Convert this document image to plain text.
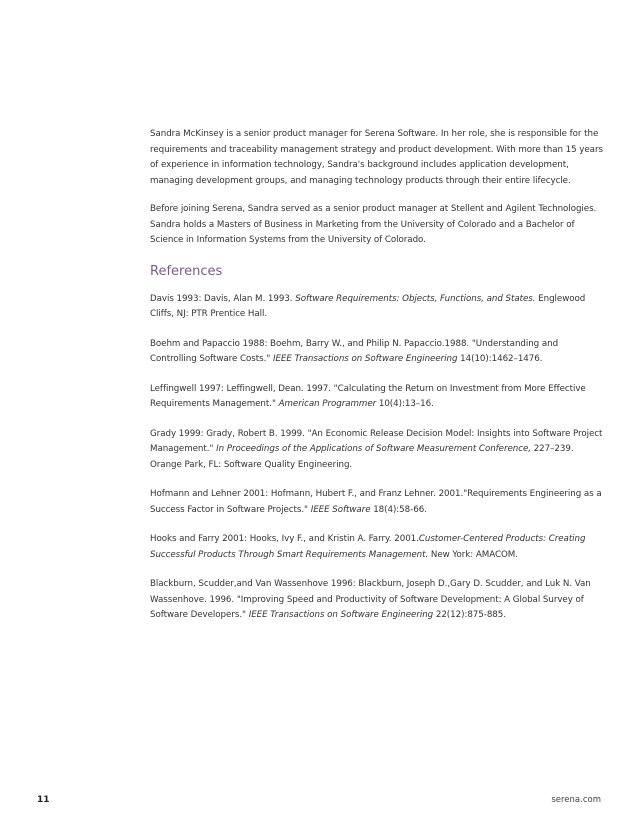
Sandra McKinsey is a senior product manager for Serena Software. In her role, she is responsible for the requirements and traceability management strategy and product development. With more than 15 years of experience in information technology, Sandra's background includes application development, managing development groups, and managing technology products through their entire lifecycle.

Before joining Serena, Sandra served as a senior product manager at Stellent and Agilent Technologies. Sandra holds a Masters of Business in Marketing from the University of Colorado and a Bachelor of Science in Information Systems from the University of Colorado.

References
Davis 1993: Davis, Alan M. 1993. Software Requirements: Objects, Functions, and States. Englewood Cliffs, NJ: PTR Prentice Hall.
Boehm and Papaccio 1988: Boehm, Barry W., and Philip N. Papaccio.1988. "Understanding and Controlling Software Costs." IEEE Transactions on Software Engineering 14(10):1462–1476.
Leffingwell 1997: Leffingwell, Dean. 1997. "Calculating the Return on Investment from More Effective Requirements Management." American Programmer 10(4):13–16.
Grady 1999: Grady, Robert B. 1999. "An Economic Release Decision Model: Insights into Software Project Management." In Proceedings of the Applications of Software Measurement Conference, 227–239. Orange Park, FL: Software Quality Engineering.
Hofmann and Lehner 2001: Hofmann, Hubert F., and Franz Lehner. 2001."Requirements Engineering as a Success Factor in Software Projects." IEEE Software 18(4):58-66.
Hooks and Farry 2001: Hooks, Ivy F., and Kristin A. Farry. 2001.Customer-Centered Products: Creating Successful Products Through Smart Requirements Management. New York: AMACOM.
Blackburn, Scudder,and Van Wassenhove 1996: Blackburn, Joseph D.,Gary D. Scudder, and Luk N. Van Wassenhove. 1996. "Improving Speed and Productivity of Software Development: A Global Survey of Software Developers." IEEE Transactions on Software Engineering 22(12):875-885.
11	serena.com
